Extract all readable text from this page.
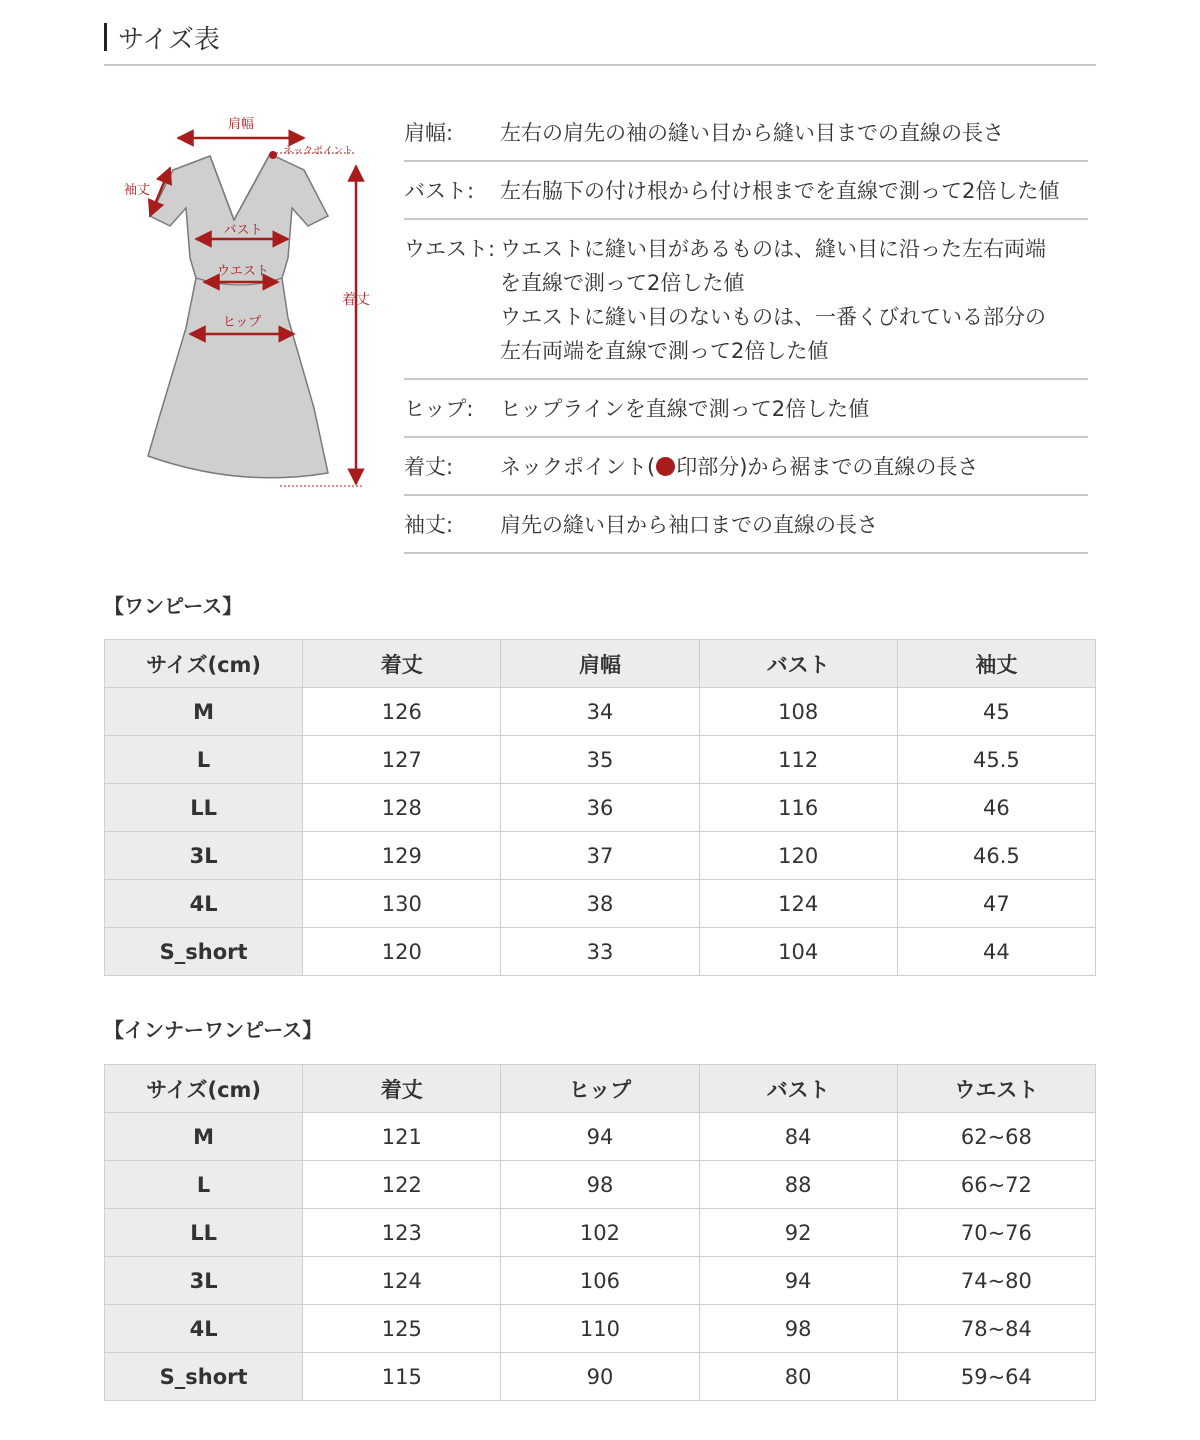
サイズ表
肩幅
ネックポイント
袖丈
バスト
ウエスト
ヒップ
着丈
肩幅:	左右の肩先の袖の縫い目から縫い目までの直線の長さ
バスト:	左右脇下の付け根から付け根までを直線で測って2倍した値
ウエスト: ウエストに縫い目があるものは、縫い目に沿った左右両端
を直線で測って2倍した値
ウエストに縫い目のないものは、一番くびれている部分の
左右両端を直線で測って2倍した値
ヒップ:	ヒップラインを直線で測って2倍した値
着丈:	ネックポイント( 印部分)から裾までの直線の長さ
袖丈:	肩先の縫い目から袖口までの直線の長さ
【ワンピース】
サイズ(cm)	着丈	肩幅	バスト	袖丈
M	126	34	108	45
L	127	35	112	45.5
LL	128	36	116	46
3L	129	37	120	46.5
4L	130	38	124	47
S_short	120	33	104	44
【インナーワンピース】
サイズ(cm)	着丈	ヒップ	バスト	ウエスト
M	121	94	84	62~68
L	122	98	88	66~72
LL	123	102	92	70~76
3L	124	106	94	74~80
4L	125	110	98	78~84
S_short	115	90	80	59~64
